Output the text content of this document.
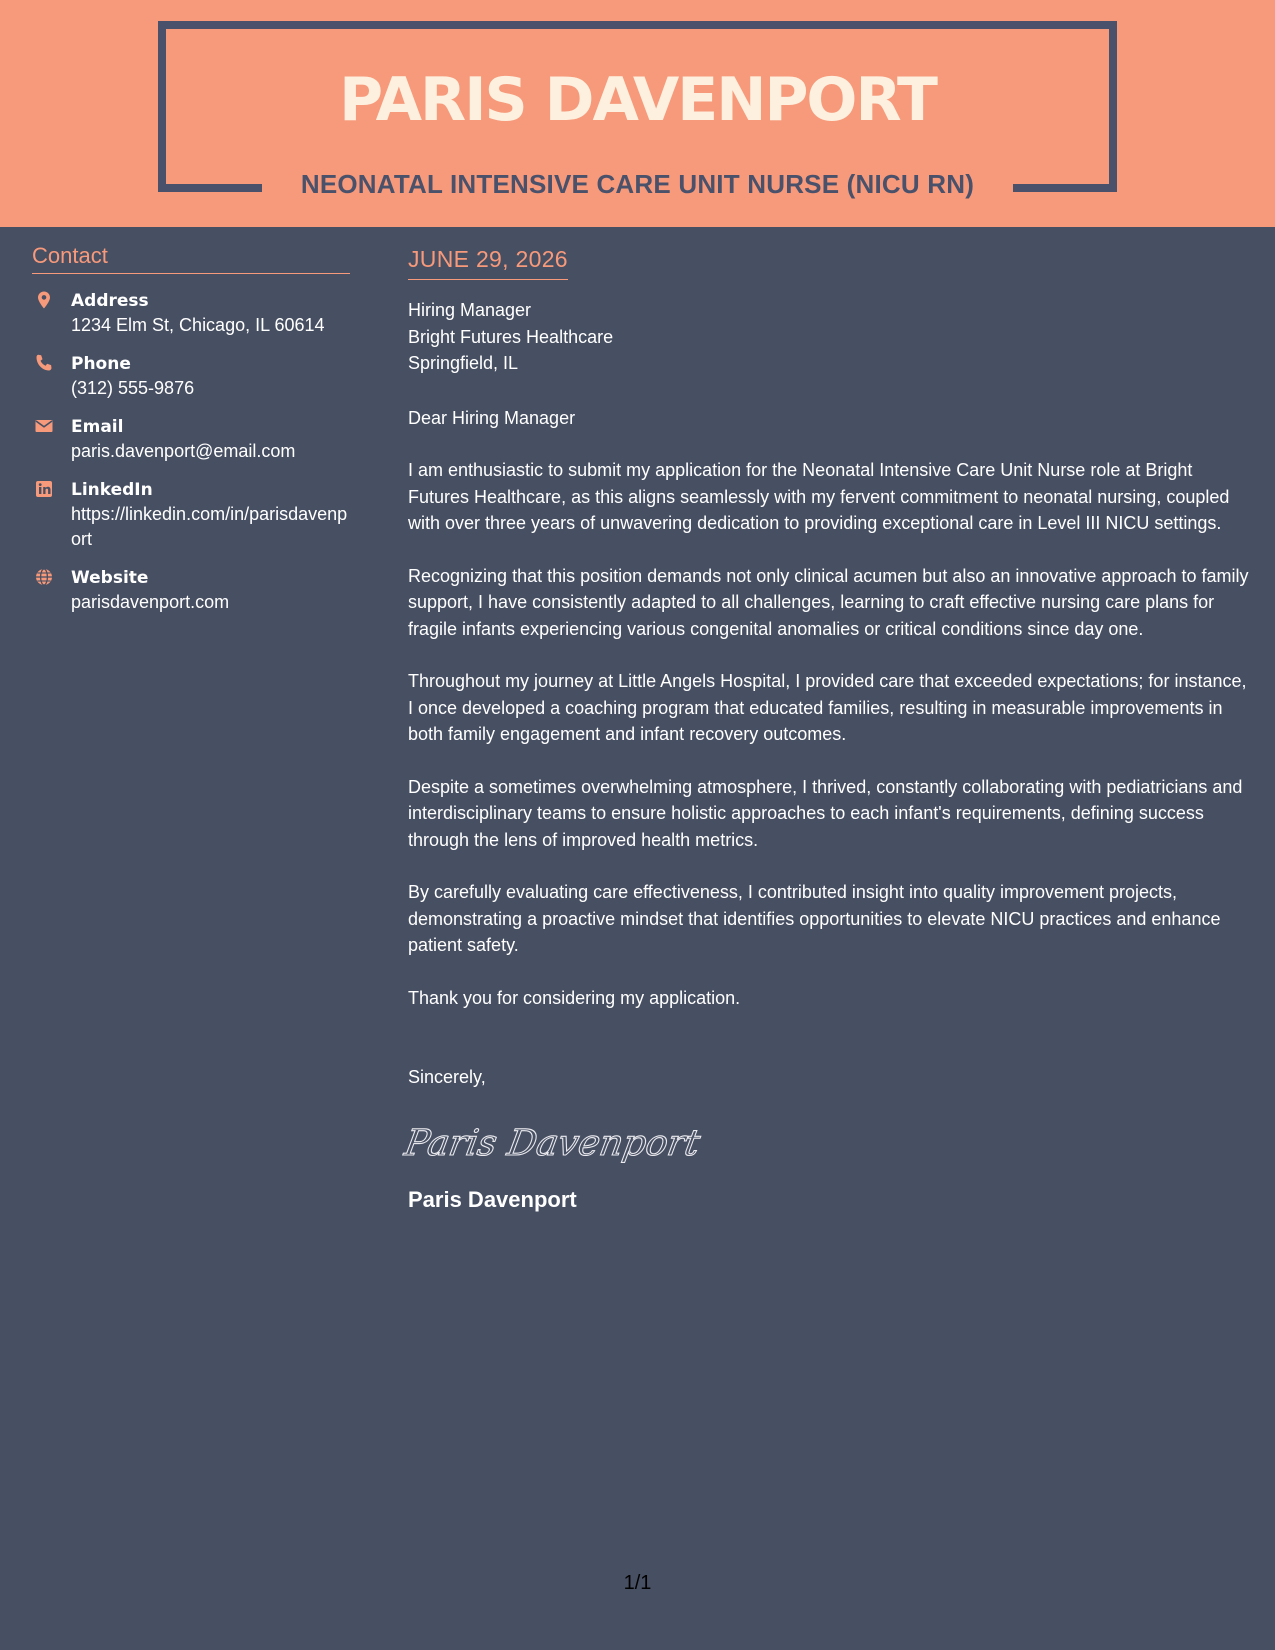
PARIS DAVENPORT
NEONATAL INTENSIVE CARE UNIT NURSE (NICU RN)
Contact
Address
1234 Elm St, Chicago, IL 60614
Phone
(312) 555-9876
Email
paris.davenport@email.com
LinkedIn
https://linkedin.com/in/parisdavenport
Website
parisdavenport.com
JUNE 29, 2026
Hiring Manager
Bright Futures Healthcare
Springfield, IL
Dear Hiring Manager
I am enthusiastic to submit my application for the Neonatal Intensive Care Unit Nurse role at Bright Futures Healthcare, as this aligns seamlessly with my fervent commitment to neonatal nursing, coupled with over three years of unwavering dedication to providing exceptional care in Level III NICU settings.
Recognizing that this position demands not only clinical acumen but also an innovative approach to family support, I have consistently adapted to all challenges, learning to craft effective nursing care plans for fragile infants experiencing various congenital anomalies or critical conditions since day one.
Throughout my journey at Little Angels Hospital, I provided care that exceeded expectations; for instance, I once developed a coaching program that educated families, resulting in measurable improvements in both family engagement and infant recovery outcomes.
Despite a sometimes overwhelming atmosphere, I thrived, constantly collaborating with pediatricians and interdisciplinary teams to ensure holistic approaches to each infant's requirements, defining success through the lens of improved health metrics.
By carefully evaluating care effectiveness, I contributed insight into quality improvement projects, demonstrating a proactive mindset that identifies opportunities to elevate NICU practices and enhance patient safety.
Thank you for considering my application.
Sincerely,
Paris Davenport
Paris Davenport
1/1
